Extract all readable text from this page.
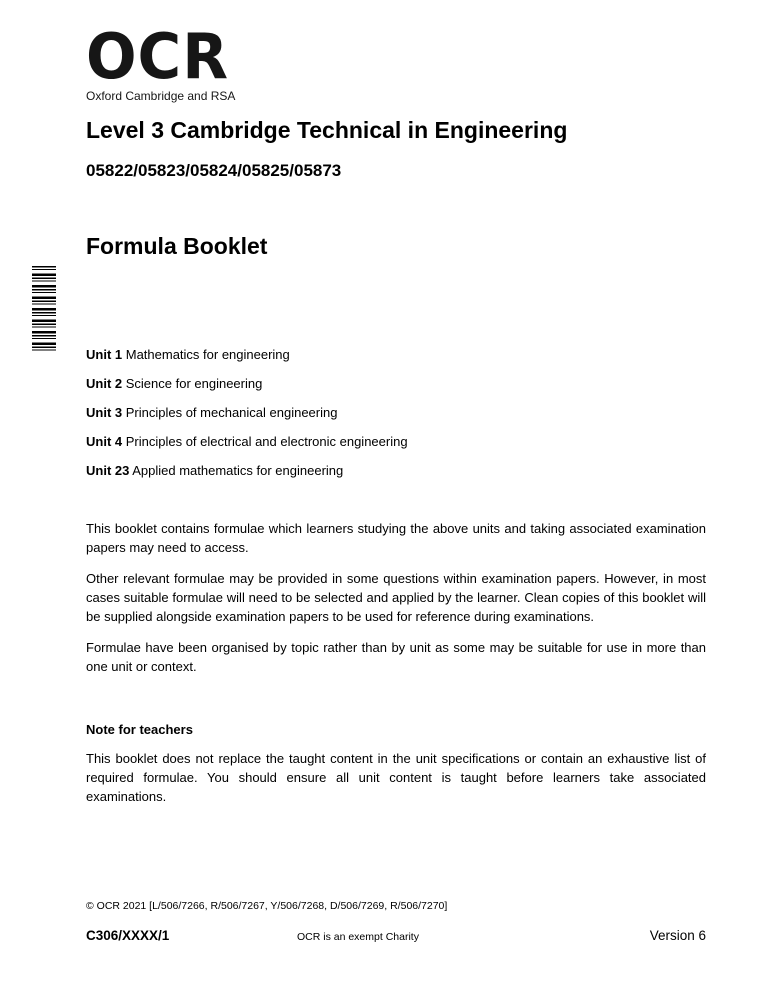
OCR
Oxford Cambridge and RSA
Level 3 Cambridge Technical in Engineering
05822/05823/05824/05825/05873
Formula Booklet
Unit 1 Mathematics for engineering
Unit 2 Science for engineering
Unit 3 Principles of mechanical engineering
Unit 4 Principles of electrical and electronic engineering
Unit 23 Applied mathematics for engineering

This booklet contains formulae which learners studying the above units and taking associated examination papers may need to access.

Other relevant formulae may be provided in some questions within examination papers. However, in most cases suitable formulae will need to be selected and applied by the learner. Clean copies of this booklet will be supplied alongside examination papers to be used for reference during examinations.

Formulae have been organised by topic rather than by unit as some may be suitable for use in more than one unit or context.

Note for teachers

This booklet does not replace the taught content in the unit specifications or contain an exhaustive list of required formulae. You should ensure all unit content is taught before learners take associated examinations.

© OCR 2021 [L/506/7266, R/506/7267, Y/506/7268, D/506/7269, R/506/7270]
C306/XXXX/1	OCR is an exempt Charity	Version 6
